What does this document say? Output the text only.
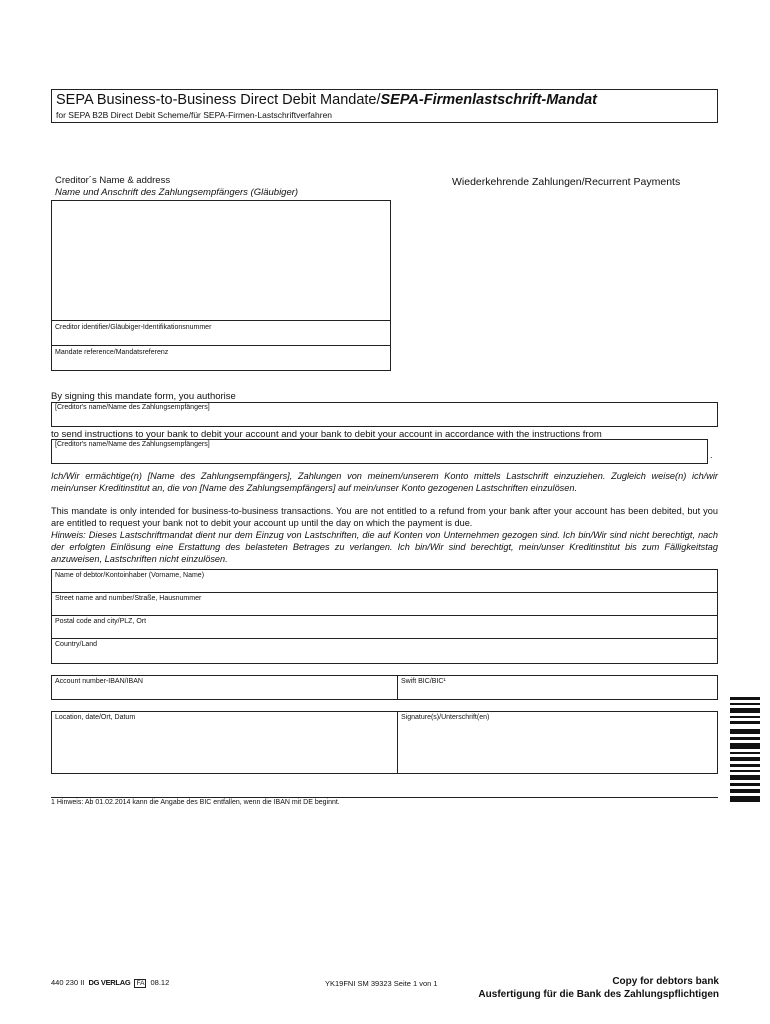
SEPA Business-to-Business Direct Debit Mandate/SEPA-Firmenlastschrift-Mandat
for SEPA B2B Direct Debit Scheme/für SEPA-Firmen-Lastschriftverfahren
Creditor´s Name & address
Name und Anschrift des Zahlungsempfängers (Gläubiger)
Wiederkehrende Zahlungen/Recurrent Payments
Creditor identifier/Gläubiger-Identifikationsnummer
Mandate reference/Mandatsreferenz
By signing this mandate form, you authorise
[Creditor's name/Name des Zahlungsempfängers]
to send instructions to your bank to debit your account and your bank to debit your account in accordance with the instructions from
[Creditor's name/Name des Zahlungsempfängers]
.
Ich/Wir ermächtige(n) [Name des Zahlungsempfängers], Zahlungen von meinem/unserem Konto mittels Lastschrift einzuziehen. Zugleich weise(n) ich/wir mein/unser Kreditinstitut an, die von [Name des Zahlungsempfängers] auf mein/unser Konto gezogenen Lastschriften einzulösen.
This mandate is only intended for business-to-business transactions. You are not entitled to a refund from your bank after your account has been debited, but you are entitled to request your bank not to debit your account up until the day on which the payment is due.
Hinweis: Dieses Lastschriftmandat dient nur dem Einzug von Lastschriften, die auf Konten von Unternehmen gezogen sind. Ich bin/Wir sind nicht berechtigt, nach der erfolgten Einlösung eine Erstattung des belasteten Betrages zu verlangen. Ich bin/Wir sind berechtigt, mein/unser Kreditinstitut bis zum Fälligkeitstag anzuweisen, Lastschriften nicht einzulösen.
Name of debtor/Kontoinhaber (Vorname, Name)
Street name and number/Straße, Hausnummer
Postal code and city/PLZ, Ort
Country/Land
Account number-IBAN/IBAN	Swift BIC/BIC¹
Location, date/Ort, Datum	Signature(s)/Unterschrift(en)
1 Hinweis: Ab 01.02.2014 kann die Angabe des BIC entfallen, wenn die IBAN mit DE beginnt.
440 230 II DG VERLAG FA 08.12	YK19FNI SM 39323 Seite 1 von 1	Copy for debtors bank
Ausfertigung für die Bank des Zahlungspflichtigen
